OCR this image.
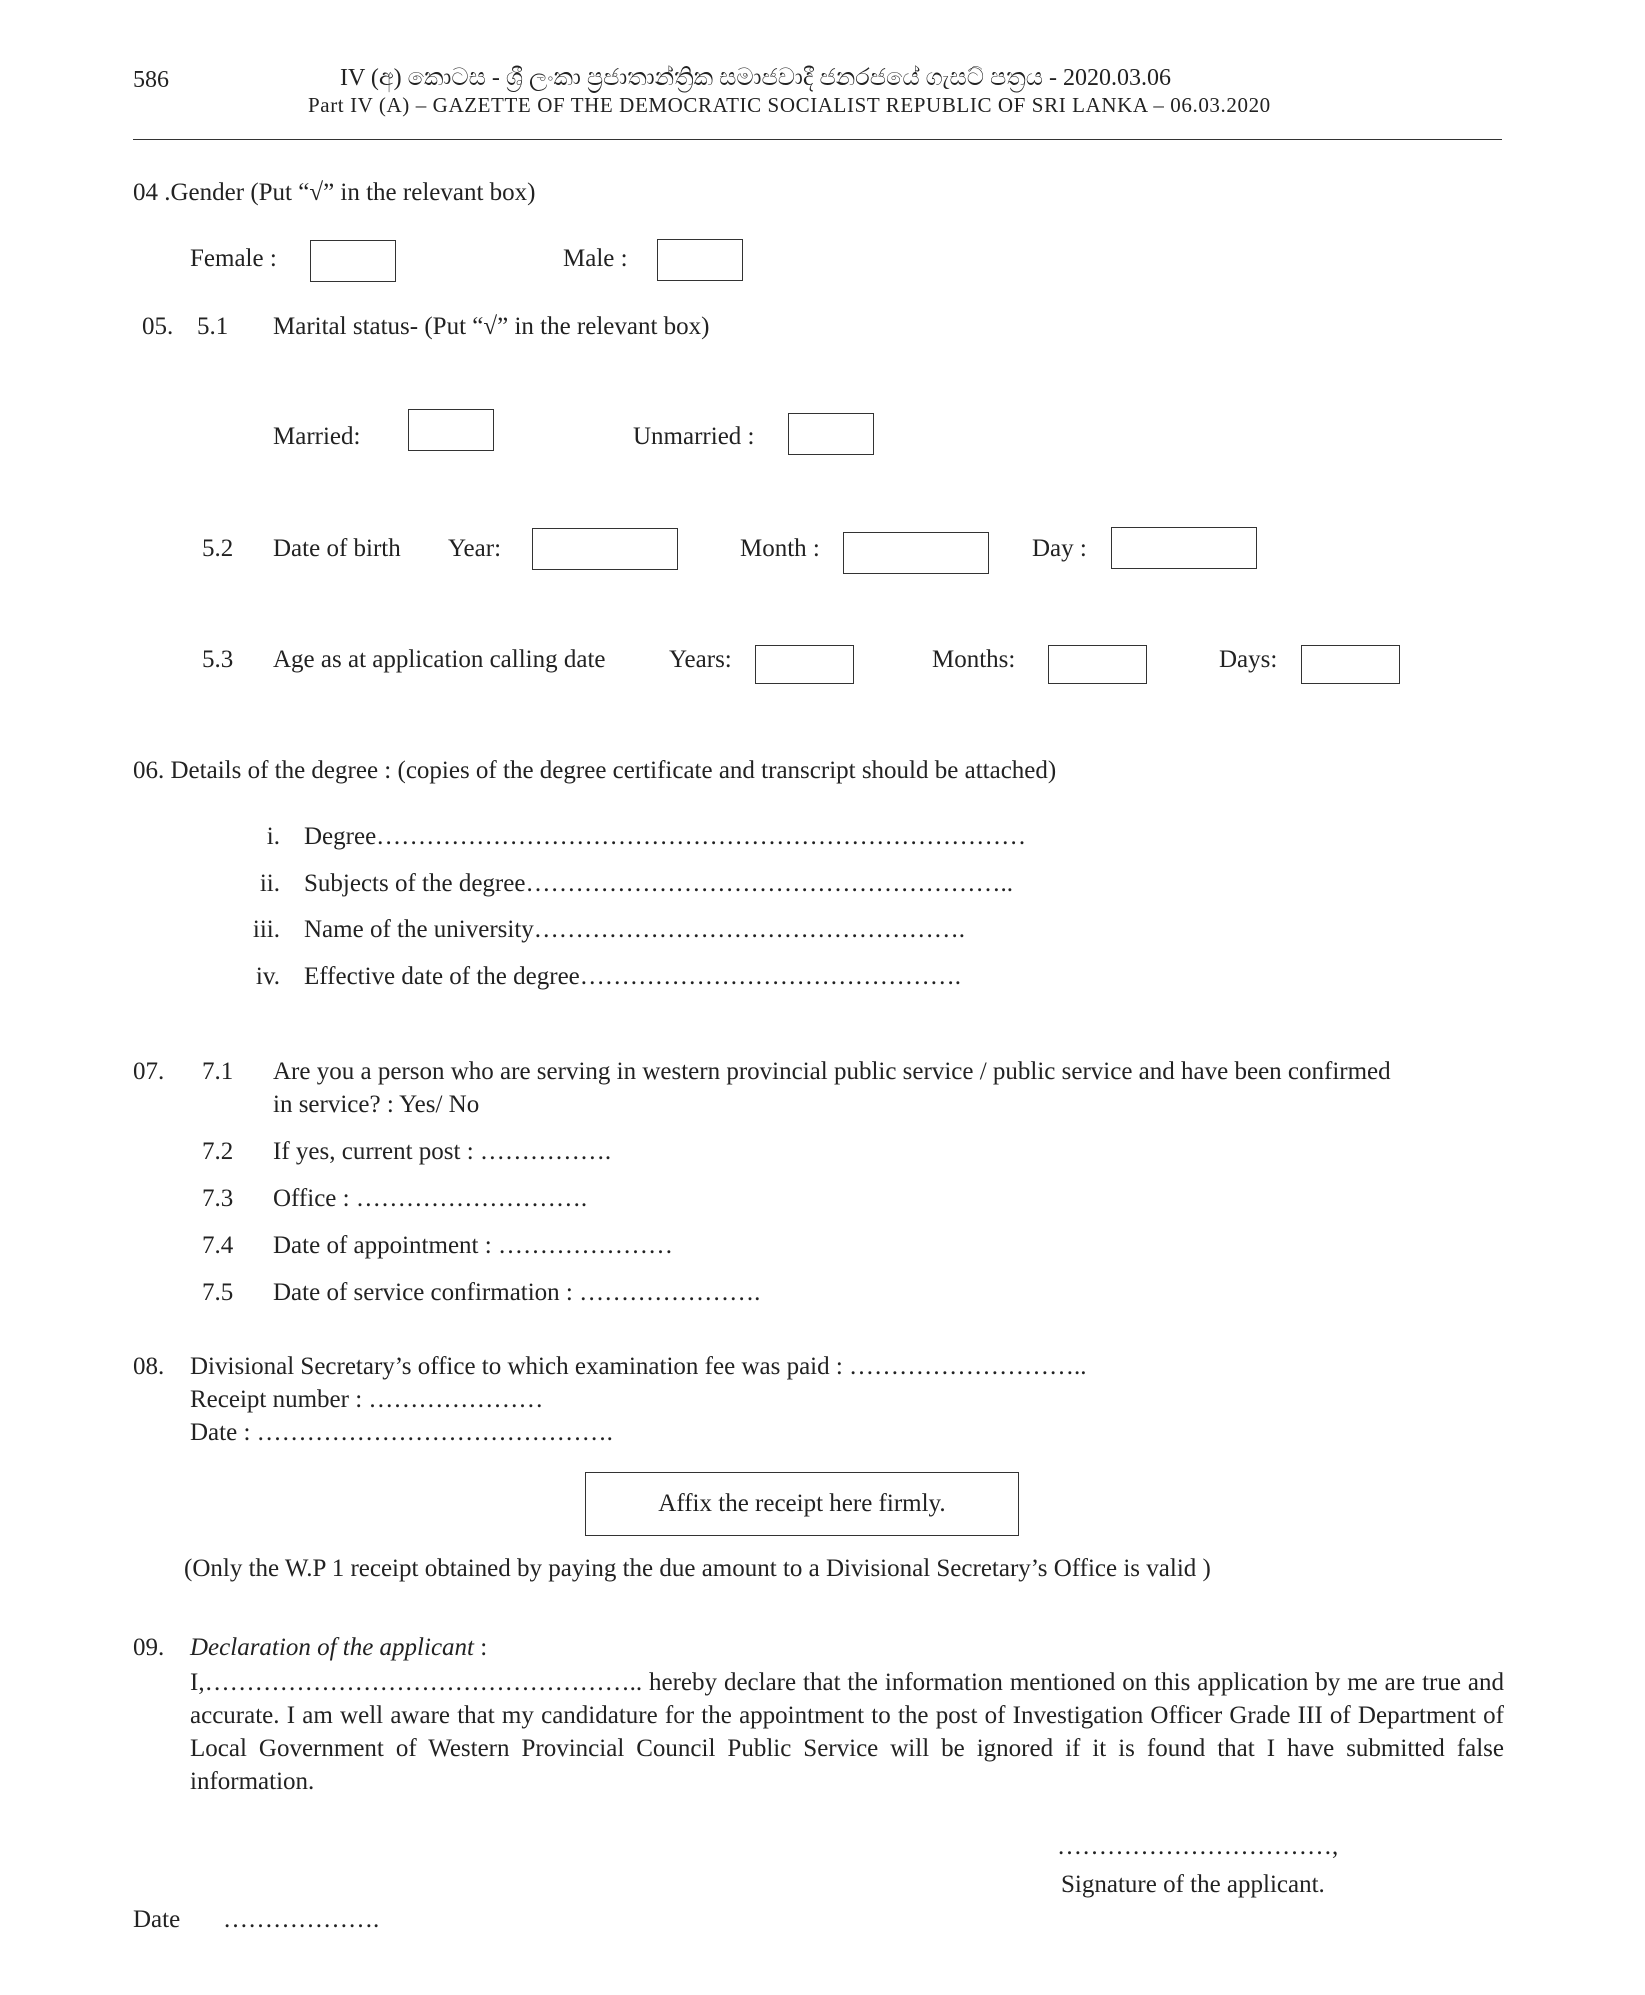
586	IV (අ) කොටස - ශ්‍රී ලංකා ප්‍රජාතාන්ත්‍රික සමාජවාදී ජනරජයේ ගැසට් පත්‍රය - 2020.03.06
Part IV (A) – GAZETTE OF THE DEMOCRATIC SOCIALIST REPUBLIC OF SRI LANKA – 06.03.2020
04 .Gender (Put “√” in the relevant box)
Female :	Male :
05. 5.1 Marital status- (Put “√” in the relevant box)
Married:	Unmarried :
5.2 Date of birth Year:	Month :	Day :
5.3 Age as at application calling date	Years:	Months:	Days:
06. Details of the degree : (copies of the degree certificate and transcript should be attached)
i. Degree……………………………………………………………………
ii. Subjects of the degree…………………………………………………..
iii. Name of the university…………………………………………….
iv. Effective date of the degree……………………………………….
07. 7.1 Are you a person who are serving in western provincial public service / public service and have been confirmed
in service? : Yes/ No
7.2 If yes, current post : …………….
7.3 Office : ……………………….
7.4 Date of appointment : …………………
7.5 Date of service confirmation : ………………….
08. Divisional Secretary’s office to which examination fee was paid : ………………………..
Receipt number : …………………
Date : …………………………………….
Affix the receipt here firmly.
(Only the W.P 1 receipt obtained by paying the due amount to a Divisional Secretary’s Office is valid )
09. Declaration of the applicant :
I,…………………………………………….. hereby declare that the information mentioned on this application by me are true and accurate. I am well aware that my candidature for the appointment to the post of Investigation Officer Grade III of Department of Local Government of Western Provincial Council Public Service will be ignored if it is found that I have submitted false information.
……………………………,
Signature of the applicant.
Date ……………….
